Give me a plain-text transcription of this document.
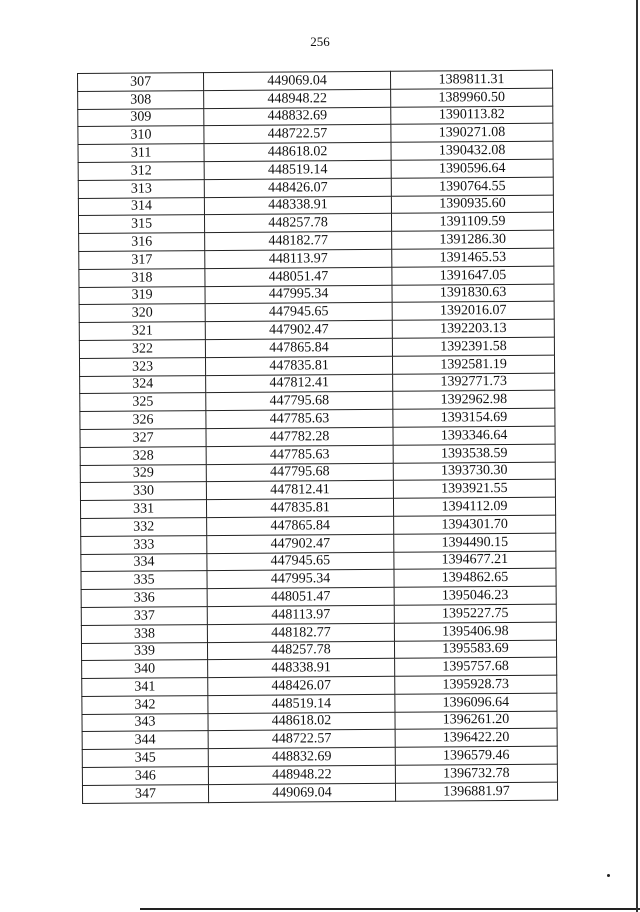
256
307	449069.04	1389811.31
308	448948.22	1389960.50
309	448832.69	1390113.82
310	448722.57	1390271.08
311	448618.02	1390432.08
312	448519.14	1390596.64
313	448426.07	1390764.55
314	448338.91	1390935.60
315	448257.78	1391109.59
316	448182.77	1391286.30
317	448113.97	1391465.53
318	448051.47	1391647.05
319	447995.34	1391830.63
320	447945.65	1392016.07
321	447902.47	1392203.13
322	447865.84	1392391.58
323	447835.81	1392581.19
324	447812.41	1392771.73
325	447795.68	1392962.98
326	447785.63	1393154.69
327	447782.28	1393346.64
328	447785.63	1393538.59
329	447795.68	1393730.30
330	447812.41	1393921.55
331	447835.81	1394112.09
332	447865.84	1394301.70
333	447902.47	1394490.15
334	447945.65	1394677.21
335	447995.34	1394862.65
336	448051.47	1395046.23
337	448113.97	1395227.75
338	448182.77	1395406.98
339	448257.78	1395583.69
340	448338.91	1395757.68
341	448426.07	1395928.73
342	448519.14	1396096.64
343	448618.02	1396261.20
344	448722.57	1396422.20
345	448832.69	1396579.46
346	448948.22	1396732.78
347	449069.04	1396881.97
